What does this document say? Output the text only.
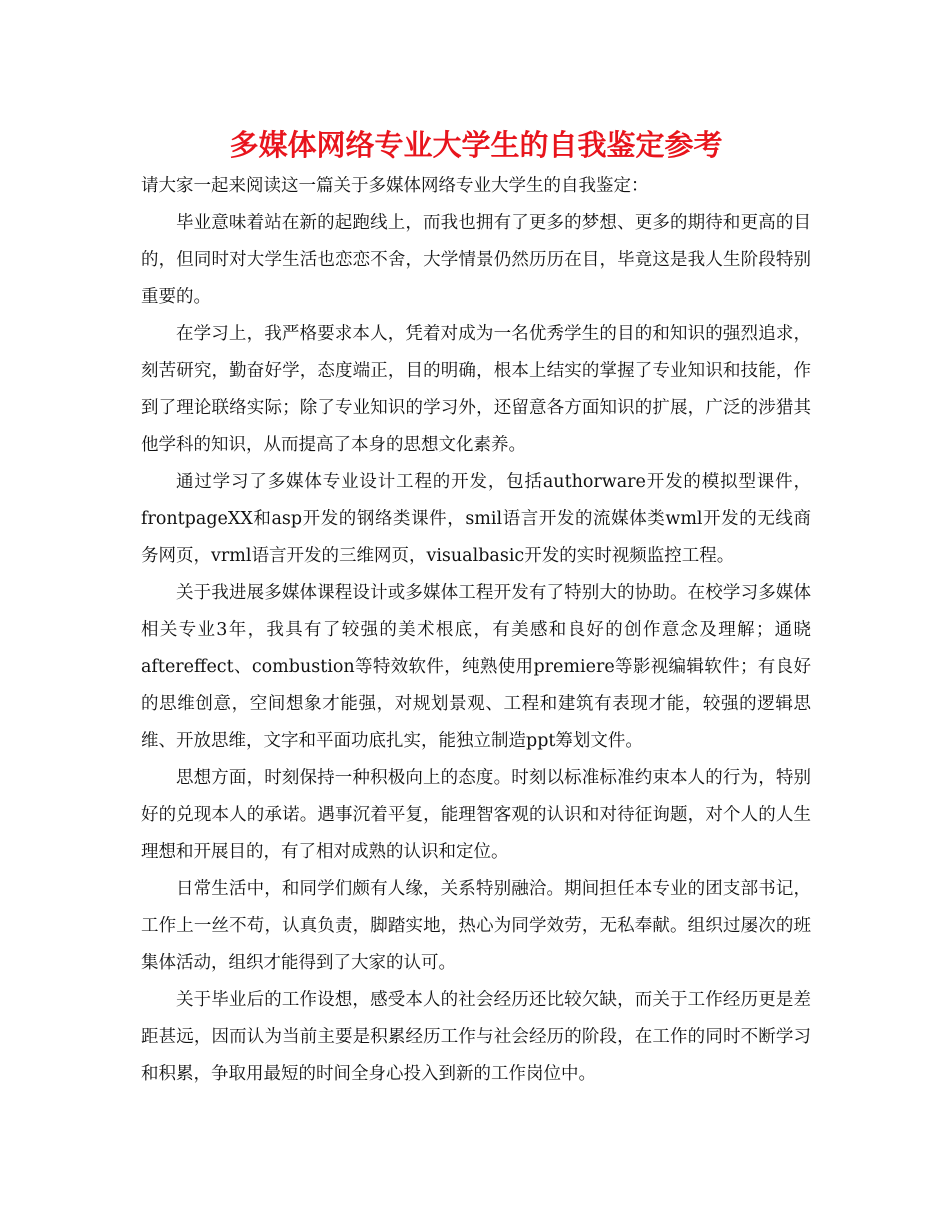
多媒体网络专业大学生的自我鉴定参考

请大家一起来阅读这一篇关于多媒体网络专业大学生的自我鉴定：

毕业意味着站在新的起跑线上，而我也拥有了更多的梦想、更多的期待和更高的目的，但同时对大学生活也恋恋不舍，大学情景仍然历历在目，毕竟这是我人生阶段特别重要的。

在学习上，我严格要求本人，凭着对成为一名优秀学生的目的和知识的强烈追求，刻苦研究，勤奋好学，态度端正，目的明确，根本上结实的掌握了专业知识和技能，作到了理论联络实际；除了专业知识的学习外，还留意各方面知识的扩展，广泛的涉猎其他学科的知识，从而提高了本身的思想文化素养。

通过学习了多媒体专业设计工程的开发，包括authorware开发的模拟型课件，frontpageXX和asp开发的钢络类课件，smil语言开发的流媒体类wml开发的无线商务网页，vrml语言开发的三维网页，visualbasic开发的实时视频监控工程。

关于我进展多媒体课程设计或多媒体工程开发有了特别大的协助。在校学习多媒体相关专业3年，我具有了较强的美术根底，有美感和良好的创作意念及理解；通晓aftereffect、combustion等特效软件，纯熟使用premiere等影视编辑软件；有良好的思维创意，空间想象才能强，对规划景观、工程和建筑有表现才能，较强的逻辑思维、开放思维，文字和平面功底扎实，能独立制造ppt筹划文件。

思想方面，时刻保持一种积极向上的态度。时刻以标准标准约束本人的行为，特别好的兑现本人的承诺。遇事沉着平复，能理智客观的认识和对待征询题，对个人的人生理想和开展目的，有了相对成熟的认识和定位。

日常生活中，和同学们颇有人缘，关系特别融洽。期间担任本专业的团支部书记，工作上一丝不苟，认真负责，脚踏实地，热心为同学效劳，无私奉献。组织过屡次的班集体活动，组织才能得到了大家的认可。

关于毕业后的工作设想，感受本人的社会经历还比较欠缺，而关于工作经历更是差距甚远，因而认为当前主要是积累经历工作与社会经历的阶段，在工作的同时不断学习和积累，争取用最短的时间全身心投入到新的工作岗位中。
